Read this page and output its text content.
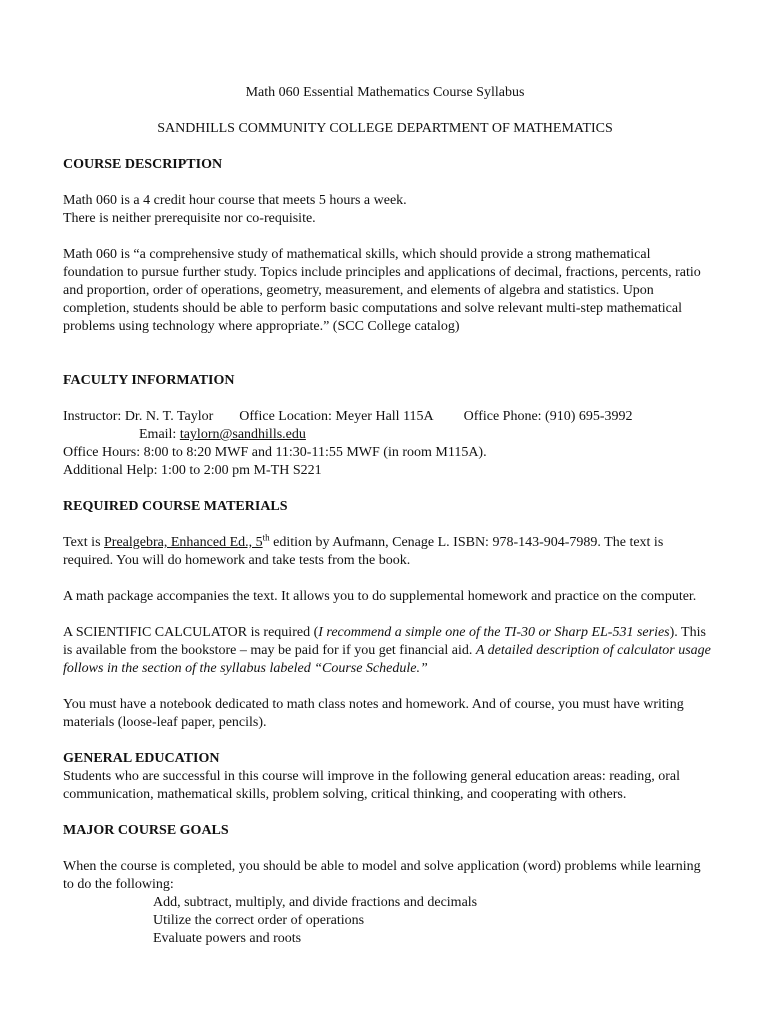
Math 060 Essential Mathematics Course Syllabus
SANDHILLS COMMUNITY COLLEGE DEPARTMENT OF MATHEMATICS
COURSE DESCRIPTION
Math 060 is a 4 credit hour course that meets 5 hours a week.
There is neither prerequisite nor co-requisite.
Math 060 is “a comprehensive study of mathematical skills, which should provide a strong mathematical foundation to pursue further study. Topics include principles and applications of decimal, fractions, percents, ratio and proportion, order of operations, geometry, measurement, and elements of algebra and statistics. Upon completion, students should be able to perform basic computations and solve relevant multi-step mathematical problems using technology where appropriate.” (SCC College catalog)
FACULTY INFORMATION
Instructor: Dr. N. T. Taylor Office Location: Meyer Hall 115A Office Phone: (910) 695-3992
Email: taylorn@sandhills.edu
Office Hours: 8:00 to 8:20 MWF and 11:30-11:55 MWF (in room M115A).
Additional Help: 1:00 to 2:00 pm M-TH S221
REQUIRED COURSE MATERIALS
Text is Prealgebra, Enhanced Ed., 5th edition by Aufmann, Cenage L. ISBN: 978-143-904-7989. The text is required. You will do homework and take tests from the book.
A math package accompanies the text. It allows you to do supplemental homework and practice on the computer.
A SCIENTIFIC CALCULATOR is required (I recommend a simple one of the TI-30 or Sharp EL-531 series). This is available from the bookstore – may be paid for if you get financial aid. A detailed description of calculator usage follows in the section of the syllabus labeled “Course Schedule.”
You must have a notebook dedicated to math class notes and homework. And of course, you must have writing materials (loose-leaf paper, pencils).
GENERAL EDUCATION
Students who are successful in this course will improve in the following general education areas: reading, oral communication, mathematical skills, problem solving, critical thinking, and cooperating with others.
MAJOR COURSE GOALS
When the course is completed, you should be able to model and solve application (word) problems while learning to do the following:
Add, subtract, multiply, and divide fractions and decimals
Utilize the correct order of operations
Evaluate powers and roots
